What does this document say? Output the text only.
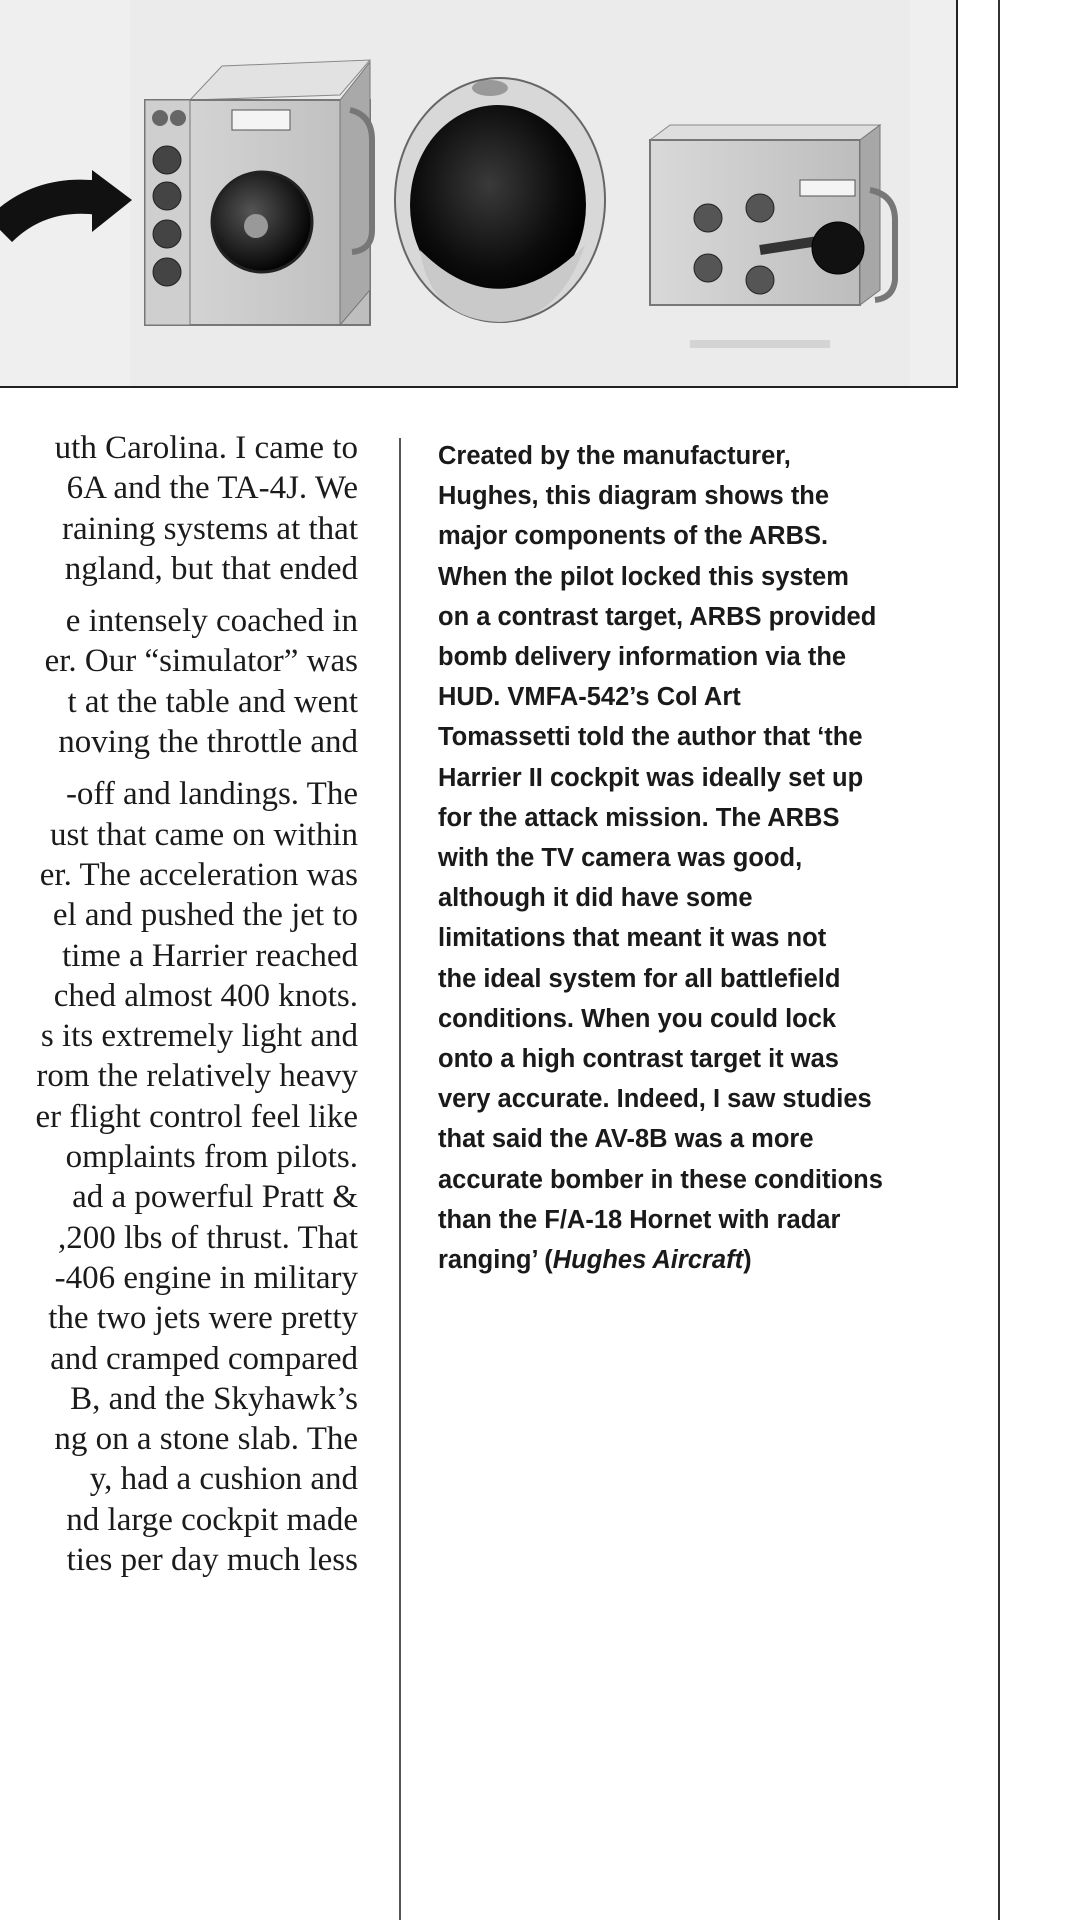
uth Carolina. I came to
6A and the TA-4J. We
raining systems at that
ngland, but that ended
e intensely coached in
er. Our “simulator” was
t at the table and went
noving the throttle and
-off and landings. The
ust that came on within
er. The acceleration was
el and pushed the jet to
time a Harrier reached
ched almost 400 knots.
s its extremely light and
rom the relatively heavy
er flight control feel like
omplaints from pilots.
ad a powerful Pratt &
,200 lbs of thrust. That
-406 engine in military
the two jets were pretty
and cramped compared
B, and the Skyhawk’s
ng on a stone slab. The
y, had a cushion and
nd large cockpit made
ties per day much less
Created by the manufacturer,
Hughes, this diagram shows the
major components of the ARBS.
When the pilot locked this system
on a contrast target, ARBS provided
bomb delivery information via the
HUD. VMFA-542’s Col Art
Tomassetti told the author that ‘the
Harrier II cockpit was ideally set up
for the attack mission. The ARBS
with the TV camera was good,
although it did have some
limitations that meant it was not
the ideal system for all battlefield
conditions. When you could lock
onto a high contrast target it was
very accurate. Indeed, I saw studies
that said the AV-8B was a more
accurate bomber in these conditions
than the F/A-18 Hornet with radar
ranging’ (Hughes Aircraft)
